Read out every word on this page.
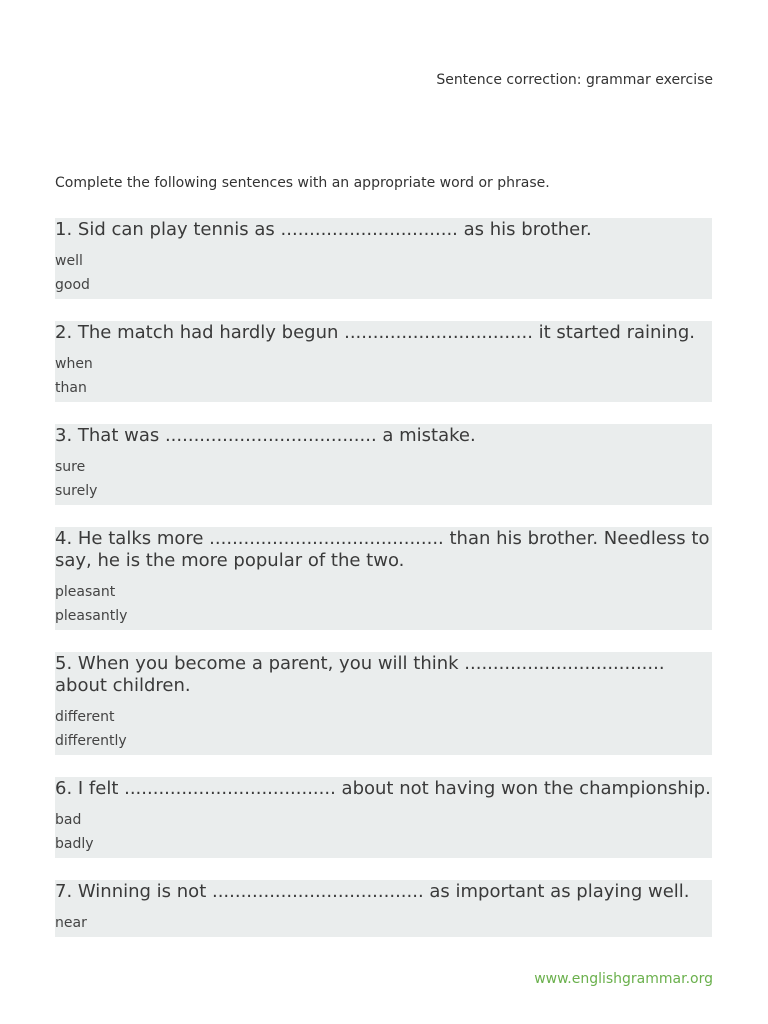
Sentence correction: grammar exercise
Complete the following sentences with an appropriate word or phrase.
1. Sid can play tennis as ............................... as his brother.
well
good
2. The match had hardly begun ................................. it started raining.
when
than
3. That was ..................................... a mistake.
sure
surely
4. He talks more ......................................... than his brother. Needless to say, he is the more popular of the two.
pleasant
pleasantly
5. When you become a parent, you will think ................................... about children.
different
differently
6. I felt ..................................... about not having won the championship.
bad
badly
7. Winning is not ..................................... as important as playing well.
near
www.englishgrammar.org
